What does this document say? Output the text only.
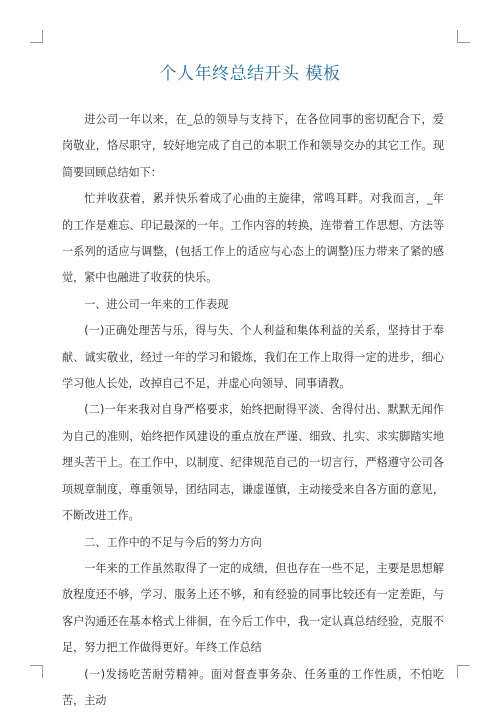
个人年终总结开头 模板

进公司一年以来，在_总的领导与支持下，在各位同事的密切配合下，爱岗敬业，恪尽职守，较好地完成了自己的本职工作和领导交办的其它工作。现简要回顾总结如下：

忙并收获着，累并快乐着成了心曲的主旋律，常鸣耳畔。对我而言，_年的工作是难忘、印记最深的一年。工作内容的转换，连带着工作思想、方法等一系列的适应与调整，(包括工作上的适应与心态上的调整)压力带来了紧的感觉，紧中也融进了收获的快乐。

一、进公司一年来的工作表现

(一)正确处理苦与乐，得与失、个人利益和集体利益的关系，坚持甘于奉献、诚实敬业，经过一年的学习和锻炼，我们在工作上取得一定的进步，细心学习他人长处，改掉自己不足，并虚心向领导、同事请教。

(二)一年来我对自身严格要求，始终把耐得平淡、舍得付出、默默无闻作为自己的准则，始终把作风建设的重点放在严谨、细致、扎实、求实脚踏实地埋头苦干上。在工作中，以制度、纪律规范自己的一切言行，严格遵守公司各项规章制度，尊重领导，团结同志，谦虚谨慎，主动接受来自各方面的意见，不断改进工作。

二、工作中的不足与今后的努力方向

一年来的工作虽然取得了一定的成绩，但也存在一些不足，主要是思想解放程度还不够，学习、服务上还不够，和有经验的同事比较还有一定差距，与客户沟通还在基本格式上徘徊，在今后工作中，我一定认真总结经验，克服不足，努力把工作做得更好。年终工作总结

(一)发扬吃苦耐劳精神。面对督查事务杂、任务重的工作性质，不怕吃苦，主动
